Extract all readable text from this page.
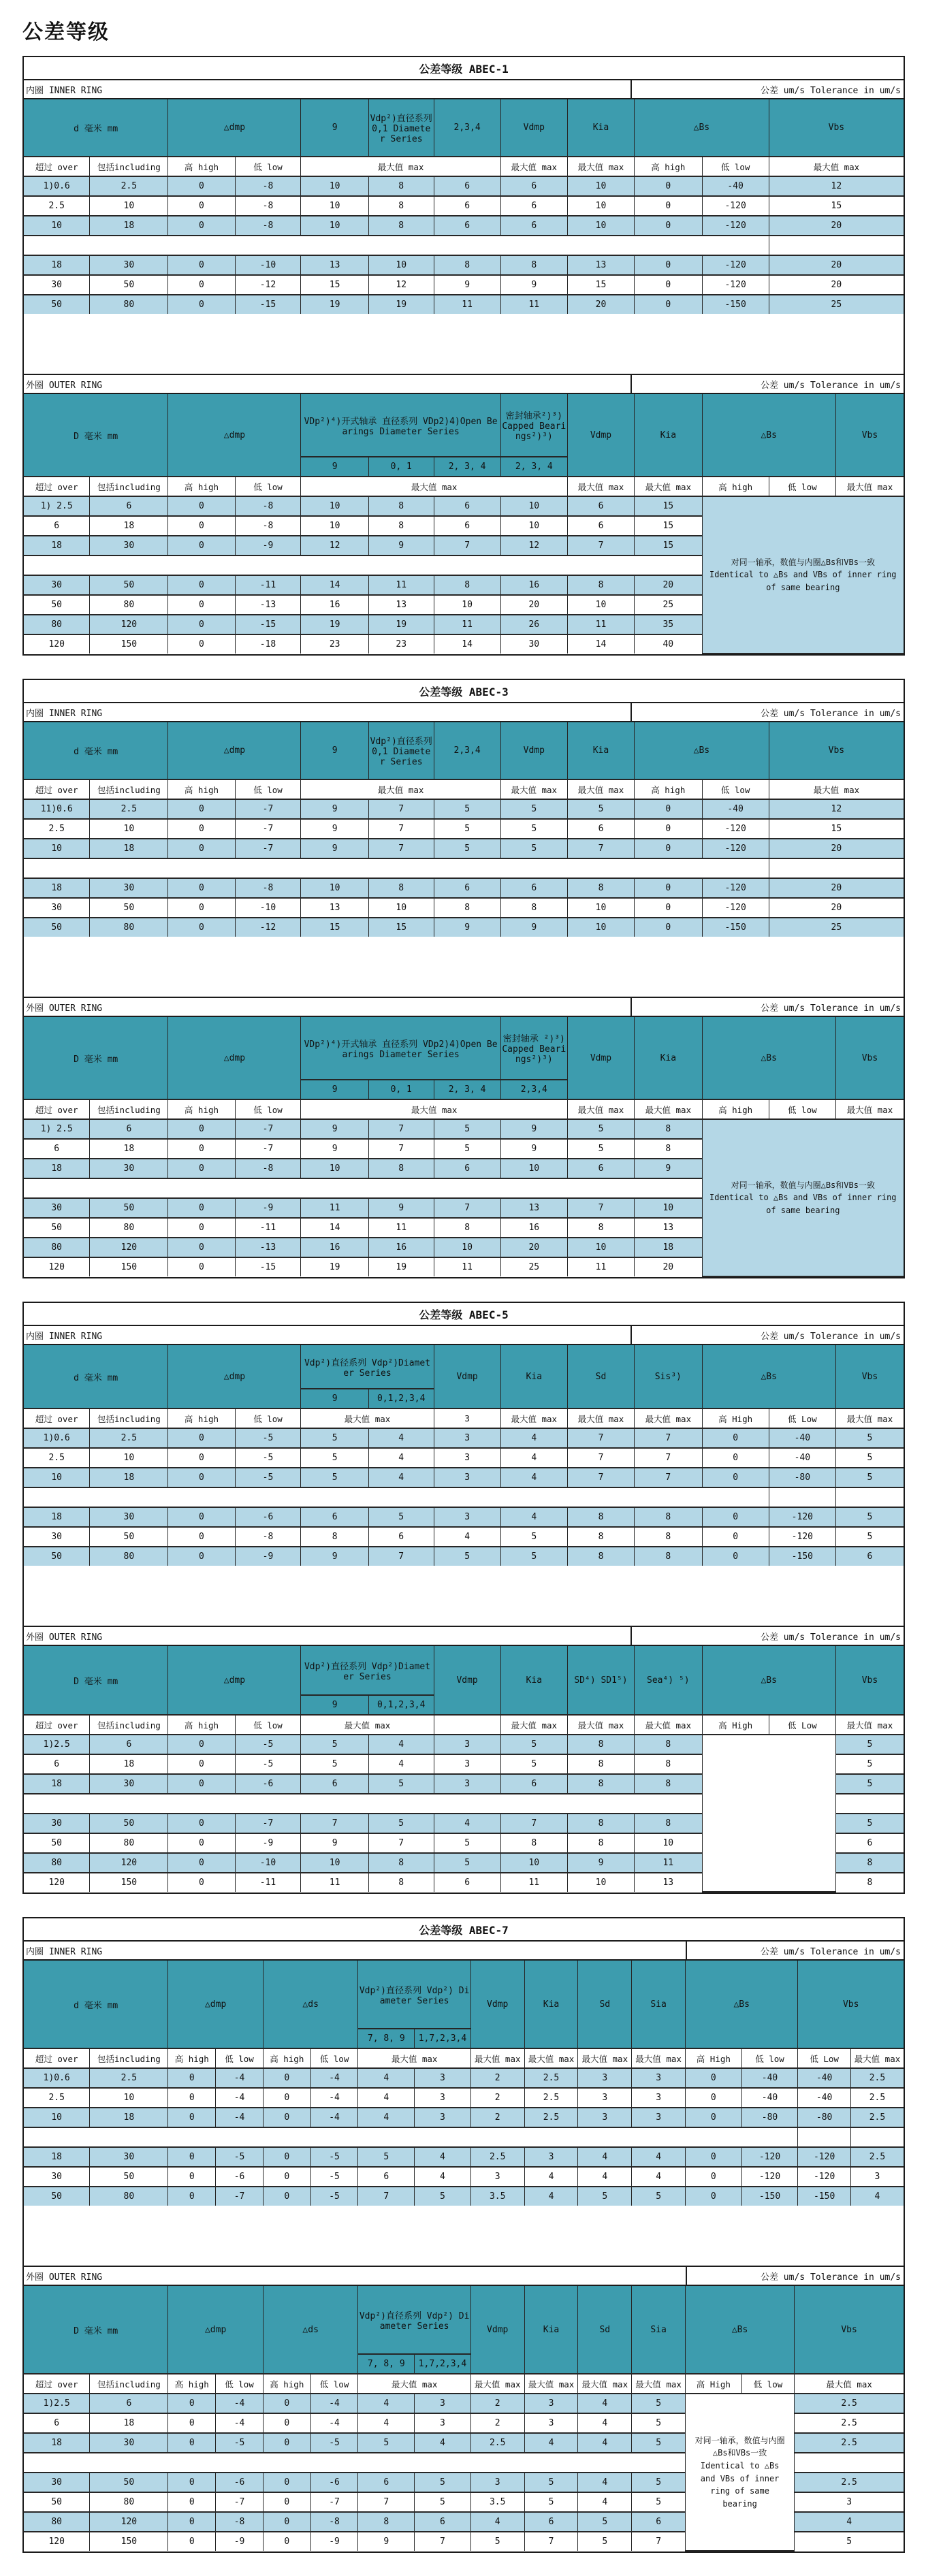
公差等级
公差等级 ABEC-1
内圈 INNER RING	公差 um/s Tolerance in um/s
d 毫米 mm		△dmp		9	Vdp²)直径系列 0,1 Diameter Series	2,3,4	Vdmp	Kia	△Bs		Vbs
超过 over	包括including	高 high	低 low	最大值 max			最大值 max	最大值 max	高 high	低 low	最大值 max
1)0.6	2.5	0	-8	10	8	6	6	10	0	-40	12
2.5	10	0	-8	10	8	6	6	10	0	-120	15
10	18	0	-8	10	8	6	6	10	0	-120	20

18	30	0	-10	13	10	8	8	13	0	-120	20
30	50	0	-12	15	12	9	9	15	0	-120	20
50	80	0	-15	19	19	11	11	20	0	-150	25
外圈 OUTER RING	公差 um/s Tolerance in um/s
D 毫米 mm		△dmp		VDp²)⁴)开式轴承 直径系列 VDp2)4)Open Bearings Diameter Series			密封轴承²)³) Capped Bearings²)³)	Vdmp	Kia	△Bs		Vbs
				9	0, 1	2, 3, 4	2, 3, 4					
超过 over	包括including	高 high	低 low	最大值 max				最大值 max	最大值 max	高 high	低 low	最大值 max
1) 2.5	6	0	-8	10	8	6	10	6	15	对同一轴承，数值与内圈△Bs和VBs一致 Identical to △Bs and VBs of inner ring of same bearing		
6	18	0	-8	10	8	6	10	6	15			
18	30	0	-9	12	9	7	12	7	15			

30	50	0	-11	14	11	8	16	8	20			
50	80	0	-13	16	13	10	20	10	25			
80	120	0	-15	19	19	11	26	11	35			
120	150	0	-18	23	23	14	30	14	40			
公差等级 ABEC-3
内圈 INNER RING	公差 um/s Tolerance in um/s
d 毫米 mm		△dmp		9	Vdp²)直径系列 0,1 Diameter Series	2,3,4	Vdmp	Kia	△Bs		Vbs
超过 over	包括including	高 high	低 low	最大值 max			最大值 max	最大值 max	高 high	低 low	最大值 max
11)0.6	2.5	0	-7	9	7	5	5	5	0	-40	12
2.5	10	0	-7	9	7	5	5	6	0	-120	15
10	18	0	-7	9	7	5	5	7	0	-120	20

18	30	0	-8	10	8	6	6	8	0	-120	20
30	50	0	-10	13	10	8	8	10	0	-120	20
50	80	0	-12	15	15	9	9	10	0	-150	25
外圈 OUTER RING	公差 um/s Tolerance in um/s
D 毫米 mm		△dmp		VDp²)⁴)开式轴承 直径系列 VDp2)4)Open Bearings Diameter Series			密封轴承 ²)³)Capped Bearings²)³)	Vdmp	Kia	△Bs		Vbs
				9	0, 1	2, 3, 4	2,3,4					
超过 over	包括including	高 high	低 low	最大值 max				最大值 max	最大值 max	高 high	低 low	最大值 max
1) 2.5	6	0	-7	9	7	5	9	5	8	对同一轴承，数值与内圈△Bs和VBs一致 Identical to △Bs and VBs of inner ring of same bearing		
6	18	0	-7	9	7	5	9	5	8			
18	30	0	-8	10	8	6	10	6	9			

30	50	0	-9	11	9	7	13	7	10			
50	80	0	-11	14	11	8	16	8	13			
80	120	0	-13	16	16	10	20	10	18			
120	150	0	-15	19	19	11	25	11	20			
公差等级 ABEC-5
内圈 INNER RING	公差 um/s Tolerance in um/s
d 毫米 mm		△dmp		Vdp²)直径系列 Vdp²)Diameter Series		Vdmp	Kia	Sd	Sis³)	△Bs		Vbs
				9	0,1,2,3,4							
超过 over	包括including	高 high	低 low	最大值 max		3	最大值 max	最大值 max	最大值 max	高 High	低 Low	最大值 max
1)0.6	2.5	0	-5	5	4	3	4	7	7	0	-40	5
2.5	10	0	-5	5	4	3	4	7	7	0	-40	5
10	18	0	-5	5	4	3	4	7	7	0	-80	5

18	30	0	-6	6	5	3	4	8	8	0	-120	5
30	50	0	-8	8	6	4	5	8	8	0	-120	5
50	80	0	-9	9	7	5	5	8	8	0	-150	6
外圈 OUTER RING	公差 um/s Tolerance in um/s
D 毫米 mm		△dmp		Vdp²)直径系列 Vdp²)Diameter Series		Vdmp	Kia	SD⁴) SD1⁵)	Sea⁴) ⁵)	△Bs		Vbs
				9	0,1,2,3,4							
超过 over	包括including	高 high	低 low	最大值 max			最大值 max	最大值 max	最大值 max	高 High	低 Low	最大值 max
1)2.5	6	0	-5	5	4	3	5	8	8			5
6	18	0	-5	5	4	3	5	8	8			5
18	30	0	-6	6	5	3	6	8	8			5

30	50	0	-7	7	5	4	7	8	8			5
50	80	0	-9	9	7	5	8	8	10			6
80	120	0	-10	10	8	5	10	9	11			8
120	150	0	-11	11	8	6	11	10	13			8
公差等级 ABEC-7
内圈 INNER RING	公差 um/s Tolerance in um/s
d 毫米 mm		△dmp		△ds		Vdp²)直径系列 Vdp²) Diameter Series		Vdmp	Kia	Sd	Sia	△Bs		Vbs	
						7, 8, 9	1,7,2,3,4								
超过 over	包括including	高 high	低 low	高 high	低 low	最大值 max		最大值 max	最大值 max	最大值 max	最大值 max	高 High	低 low	低 Low	最大值 max
1)0.6	2.5	0	-4	0	-4	4	3	2	2.5	3	3	0	-40	-40	2.5
2.5	10	0	-4	0	-4	4	3	2	2.5	3	3	0	-40	-40	2.5
10	18	0	-4	0	-4	4	3	2	2.5	3	3	0	-80	-80	2.5

18	30	0	-5	0	-5	5	4	2.5	3	4	4	0	-120	-120	2.5
30	50	0	-6	0	-5	6	4	3	4	4	4	0	-120	-120	3
50	80	0	-7	0	-5	7	5	3.5	4	5	5	0	-150	-150	4
外圈 OUTER RING	公差 um/s Tolerance in um/s
D 毫米 mm		△dmp		△ds		Vdp²)直径系列 Vdp²) Diameter Series		Vdmp	Kia	Sd	Sia	△Bs		Vbs
						7, 8, 9	1,7,2,3,4							
超过 over	包括including	高 high	低 low	高 high	低 low	最大值 max		最大值 max	最大值 max	最大值 max	最大值 max	高 High	低 low	最大值 max
1)2.5	6	0	-4	0	-4	4	3	2	3	4	5	对同一轴承，数值与内圈△Bs和VBs一致 Identical to △Bs and VBs of inner ring of same bearing		2.5
6	18	0	-4	0	-4	4	3	2	3	4	5			2.5
18	30	0	-5	0	-5	5	4	2.5	4	4	5			2.5

30	50	0	-6	0	-6	6	5	3	5	4	5			2.5
50	80	0	-7	0	-7	7	5	3.5	5	4	5			3
80	120	0	-8	0	-8	8	6	4	6	5	6			4
120	150	0	-9	0	-9	9	7	5	7	5	7			5
